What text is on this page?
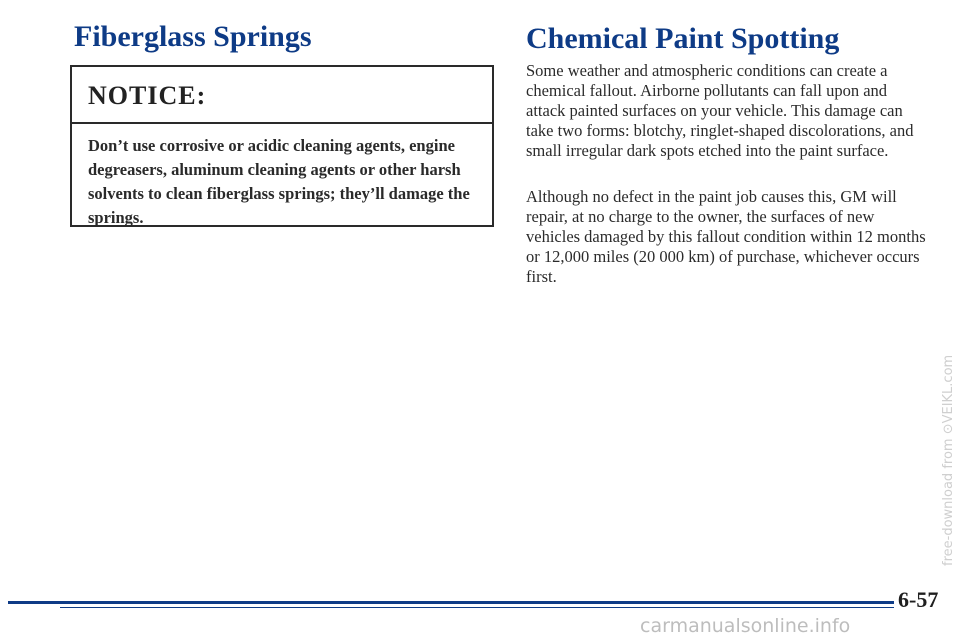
Fiberglass Springs
NOTICE:
Don’t use corrosive or acidic cleaning agents, engine degreasers, aluminum cleaning agents or other harsh solvents to clean fiberglass springs; they’ll damage the springs.
Chemical Paint Spotting

Some weather and atmospheric conditions can create a chemical fallout. Airborne pollutants can fall upon and attack painted surfaces on your vehicle. This damage can take two forms: blotchy, ringlet-shaped discolorations, and small irregular dark spots etched into the paint surface.

Although no defect in the paint job causes this, GM will repair, at no charge to the owner, the surfaces of new vehicles damaged by this fallout condition within 12 months or 12,000 miles (20 000 km) of purchase, whichever occurs first.

6-57
free-download from ⊙VEIKL.com
carmanualsonline.info
